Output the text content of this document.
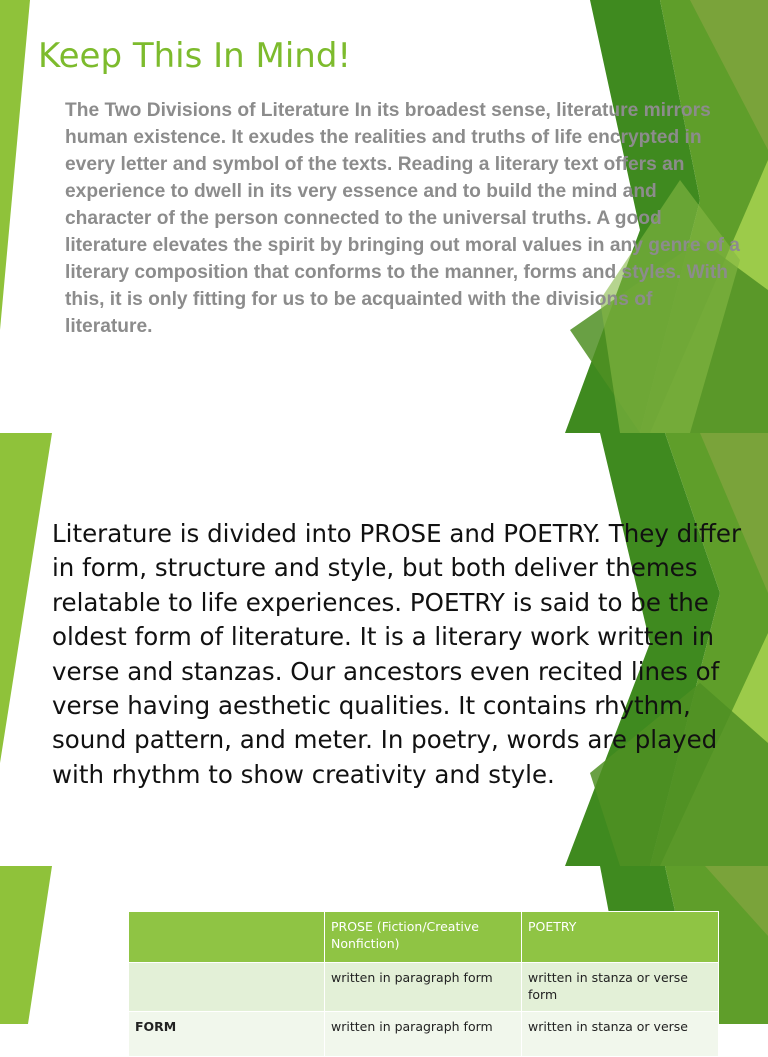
Keep This In Mind!

The Two Divisions of Literature In its broadest sense, literature mirrors human existence. It exudes the realities and truths of life encrypted in every letter and symbol of the texts. Reading a literary text offers an experience to dwell in its very essence and to build the mind and character of the person connected to the universal truths. A good literature elevates the spirit by bringing out moral values in any genre of a literary composition that conforms to the manner, forms and styles. With this, it is only fitting for us to be acquainted with the divisions of literature.

Literature is divided into PROSE and POETRY. They differ in form, structure and style, but both deliver themes relatable to life experiences. POETRY is said to be the oldest form of literature. It is a literary work written in verse and stanzas. Our ancestors even recited lines of verse having aesthetic qualities. It contains rhythm, sound pattern, and meter. In poetry, words are played with rhythm to show creativity and style.

	PROSE (Fiction/Creative Nonfiction)	POETRY
	written in paragraph form	written in stanza or verse form
FORM	written in paragraph form	written in stanza or verse
